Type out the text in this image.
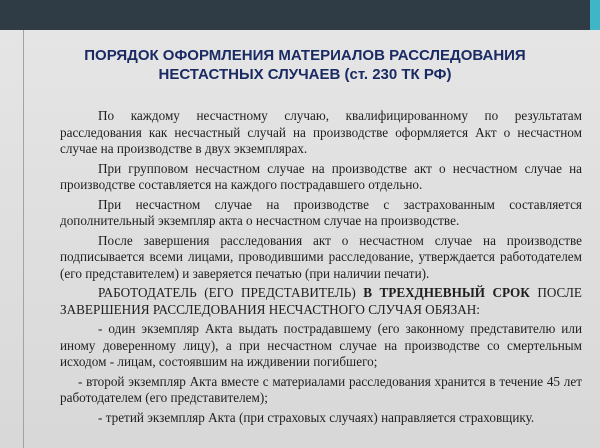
ПОРЯДОК ОФОРМЛЕНИЯ МАТЕРИАЛОВ РАССЛЕДОВАНИЯ
НЕСТАСТНЫХ СЛУЧАЕВ (ст. 230 ТК РФ)

По каждому несчастному случаю, квалифицированному по результатам расследования как несчастный случай на производстве оформляется Акт о несчастном случае на производстве в двух экземплярах.

При групповом несчастном случае на производстве акт о несчастном случае на производстве составляется на каждого пострадавшего отдельно.

При несчастном случае на производстве с застрахованным составляется дополнительный экземпляр акта о несчастном случае на производстве.

После завершения расследования акт о несчастном случае на производстве подписывается всеми лицами, проводившими расследование, утверждается работодателем (его представителем) и заверяется печатью (при наличии печати).

РАБОТОДАТЕЛЬ (ЕГО ПРЕДСТАВИТЕЛЬ) В ТРЕХДНЕВНЫЙ СРОК ПОСЛЕ ЗАВЕРШЕНИЯ РАССЛЕДОВАНИЯ НЕСЧАСТНОГО СЛУЧАЯ ОБЯЗАН:

- один экземпляр Акта выдать пострадавшему (его законному представителю или иному доверенному лицу), а при несчастном случае на производстве со смертельным исходом - лицам, состоявшим на иждивении погибшего;

- второй экземпляр Акта вместе с материалами расследования хранится в течение 45 лет работодателем (его представителем);

- третий экземпляр Акта (при страховых случаях) направляется страховщику.
